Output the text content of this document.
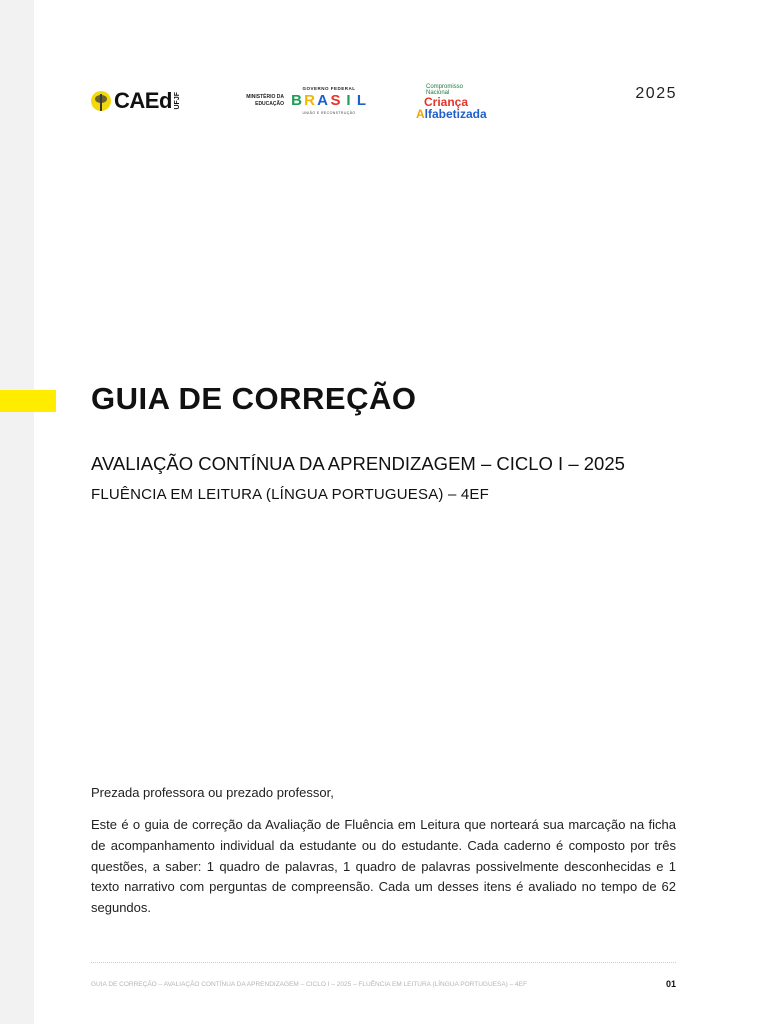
CAEd UFJF	MINISTÉRIO DA EDUCAÇÃO
GOVERNO FEDERAL
B R A S I L
UNIÃO E RECONSTRUÇÃO
Compromisso
Nacional
Criança
A lfabetizada
2025
GUIA DE CORREÇÃO
AVALIAÇÃO CONTÍNUA DA APRENDIZAGEM – CICLO I – 2025
FLUÊNCIA EM LEITURA (LÍNGUA PORTUGUESA) – 4EF

Prezada professora ou prezado professor,

Este é o guia de correção da Avaliação de Fluência em Leitura que norteará sua marcação na ficha de acompanhamento individual da estudante ou do estudante. Cada caderno é composto por três questões, a saber: 1 quadro de palavras, 1 quadro de palavras possivelmente desconhecidas e 1 texto narrativo com perguntas de compreensão. Cada um desses itens é avaliado no tempo de 62 segundos.

GUIA DE CORREÇÃO – AVALIAÇÃO CONTÍNUA DA APRENDIZAGEM – CICLO I – 2025 – FLUÊNCIA EM LEITURA (LÍNGUA PORTUGUESA) – 4EF	01
